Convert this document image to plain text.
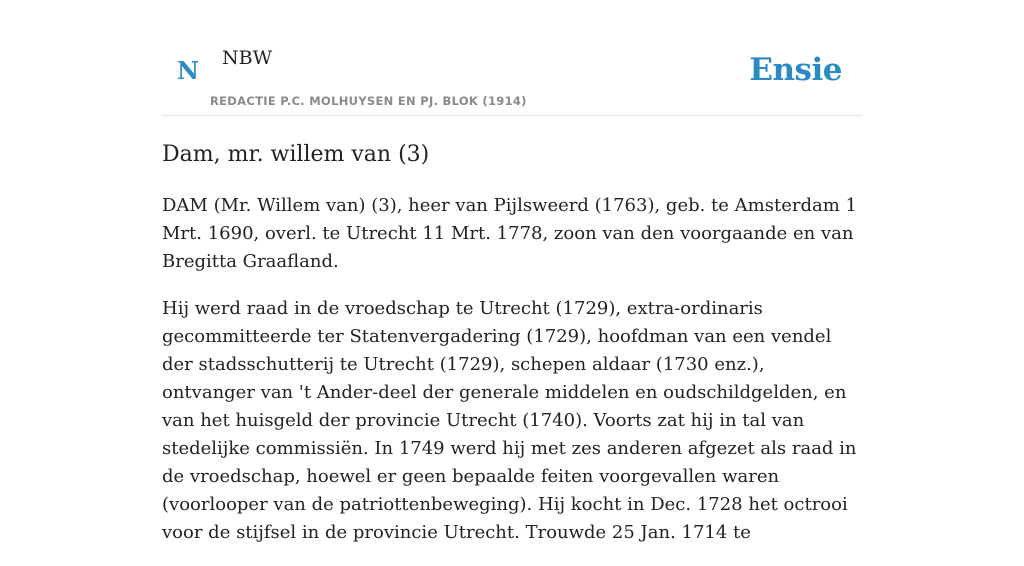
N NBW	Ensie
REDACTIE P.C. MOLHUYSEN EN PJ. BLOK (1914)
Dam, mr. willem van (3)

DAM (Mr. Willem van) (3), heer van Pijlsweerd (1763), geb. te Amsterdam 1 Mrt. 1690, overl. te Utrecht 11 Mrt. 1778, zoon van den voorgaande en van Bregitta Graafland.

Hij werd raad in de vroedschap te Utrecht (1729), extra-ordinaris gecommitteerde ter Statenvergadering (1729), hoofdman van een vendel der stadsschutterij te Utrecht (1729), schepen aldaar (1730 enz.), ontvanger van 't Ander-deel der generale middelen en oudschildgelden, en van het huisgeld der provincie Utrecht (1740). Voorts zat hij in tal van stedelijke commissiën. In 1749 werd hij met zes anderen afgezet als raad in de vroedschap, hoewel er geen bepaalde feiten voorgevallen waren (voorlooper van de patriottenbeweging). Hij kocht in Dec. 1728 het octrooi voor de stijfsel in de provincie Utrecht. Trouwde 25 Jan. 1714 te
